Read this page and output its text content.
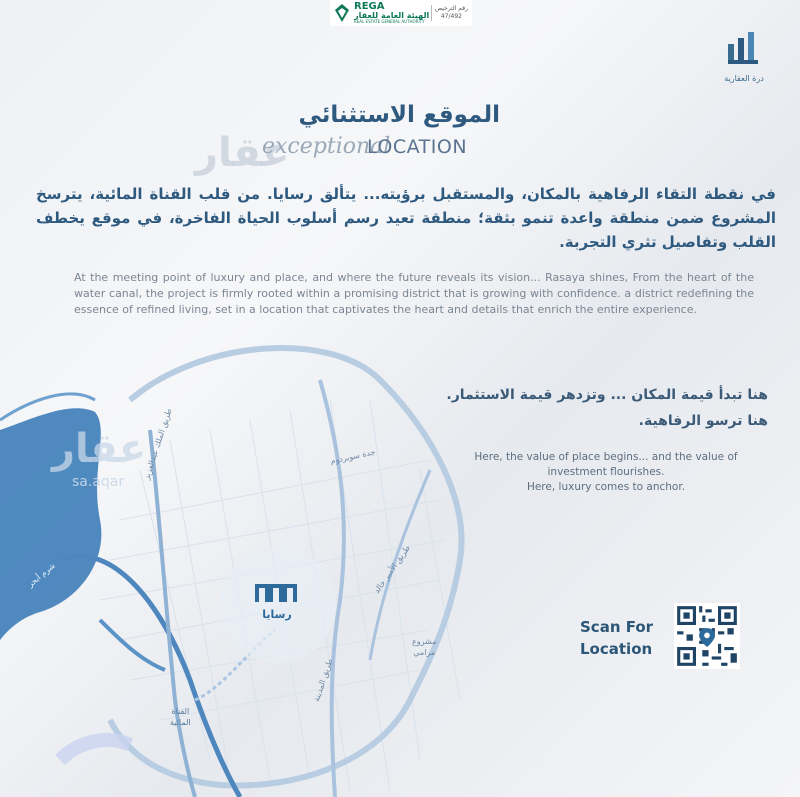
عقار
عقار
sa.aqar
REGA
الهيئة العامة للعقار
REAL ESTATE GENERAL AUTHORITY
رقم الترخيص
47/492
درة العقارية
الموقع الاستثنائي
exceptional
LOCATION
في نقطة التقاء الرفاهية بالمكان، والمستقبل برؤيته... يتألق رسايا. من قلب القناة المائية، يترسخ المشروع ضمن منطقة واعدة تنمو بثقة؛ منطقة تعيد رسم أسلوب الحياة الفاخرة، في موقع يخطف القلب وتفاصيل تثري التجربة.
At the meeting point of luxury and place, and where the future reveals its vision... Rasaya shines, From the heart of the water canal, the project is firmly rooted within a promising district that is growing with confidence. a district redefining the essence of refined living, set in a location that captivates the heart and details that enrich the entire experience.
هنا تبدأ قيمة المكان ... وتزدهر قيمة الاستثمار.
هنا ترسو الرفاهية.
Here, the value of place begins... and the value of investment flourishes.
Here, luxury comes to anchor.
جدة سوبردوم
طريق الملك عبدالعزيز
طريق الأمير خالد
طريق المدينة
شرم أبحر
مشروع
مرامي
القناة
المائية
رسايا
Scan For
Location
